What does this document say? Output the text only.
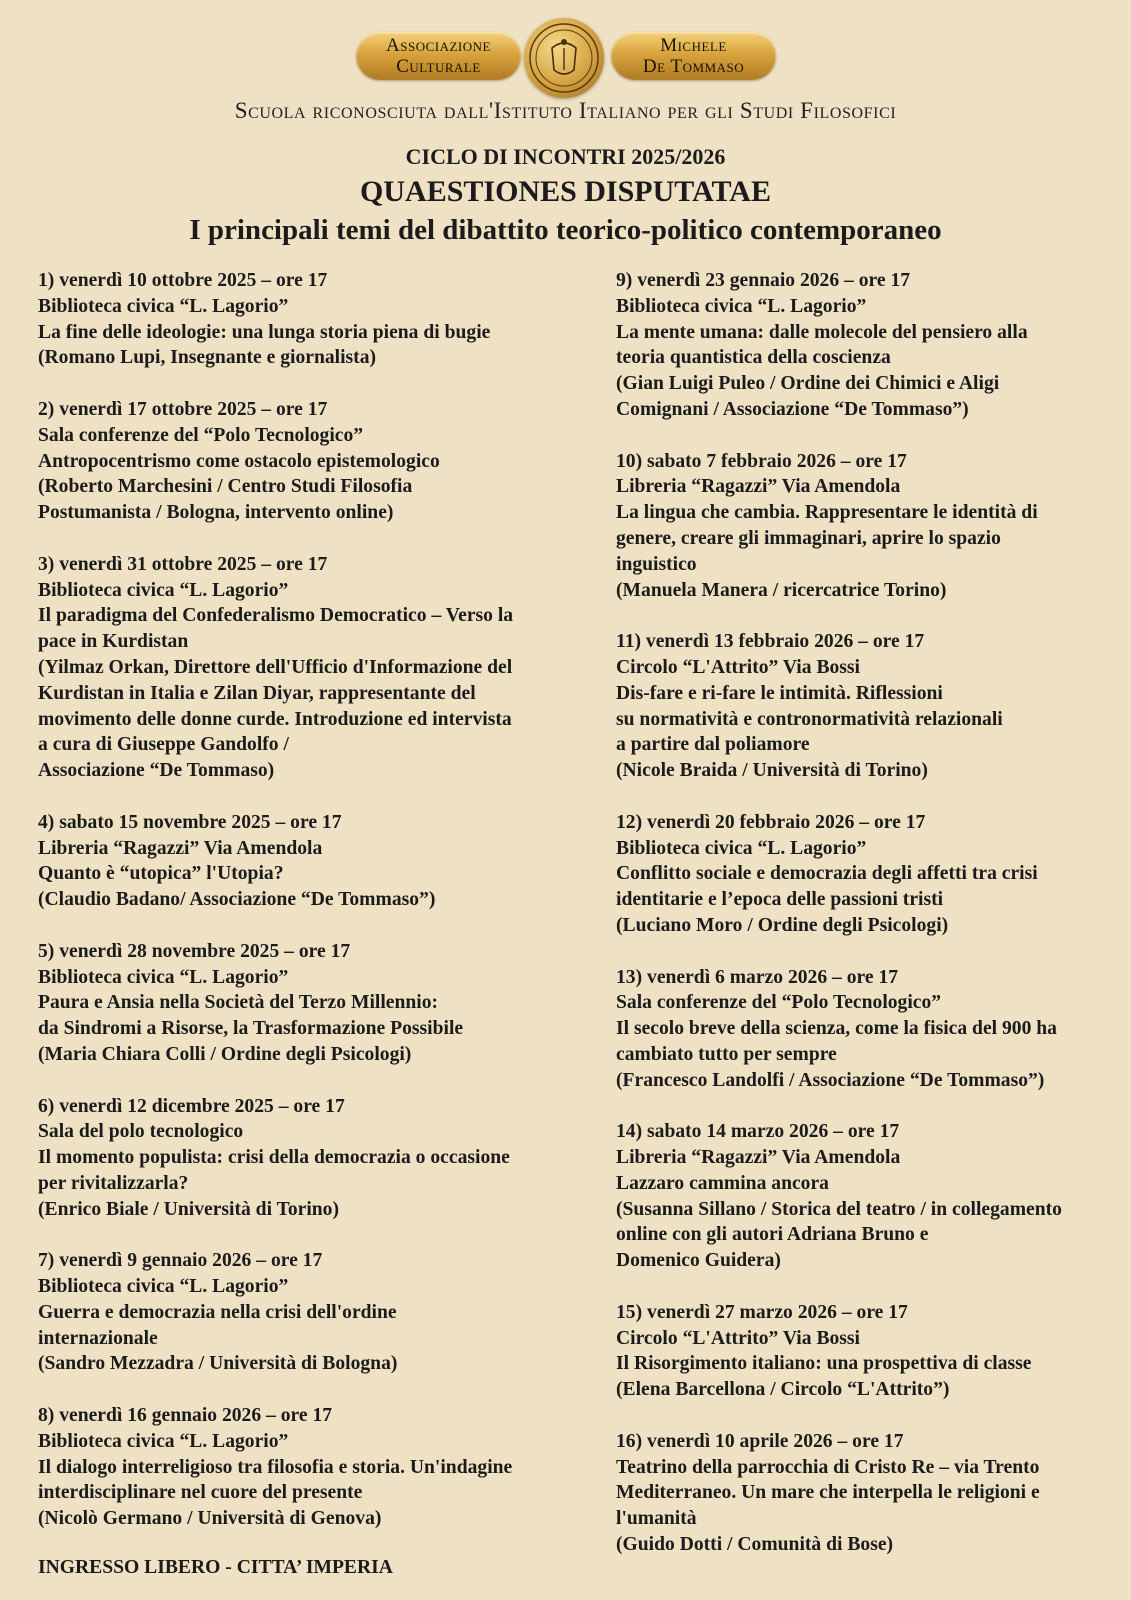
Associazione
Culturale
Michele
De Tommaso
Scuola riconosciuta dall'Istituto Italiano per gli Studi Filosofici
CICLO DI INCONTRI 2025/2026
QUAESTIONES DISPUTATAE
I principali temi del dibattito teorico-politico contemporaneo
1) venerdì 10 ottobre 2025 – ore 17
Biblioteca civica “L. Lagorio”
La fine delle ideologie: una lunga storia piena di bugie
(Romano Lupi, Insegnante e giornalista)
2) venerdì 17 ottobre 2025 – ore 17
Sala conferenze del “Polo Tecnologico”
Antropocentrismo come ostacolo epistemologico
(Roberto Marchesini / Centro Studi Filosofia
Postumanista / Bologna, intervento online)
3) venerdì 31 ottobre 2025 – ore 17
Biblioteca civica “L. Lagorio”
Il paradigma del Confederalismo Democratico – Verso la
pace in Kurdistan
(Yilmaz Orkan, Direttore dell'Ufficio d'Informazione del
Kurdistan in Italia e Zilan Diyar, rappresentante del
movimento delle donne curde. Introduzione ed intervista
a cura di Giuseppe Gandolfo /
Associazione “De Tommaso)
4) sabato 15 novembre 2025 – ore 17
Libreria “Ragazzi” Via Amendola
Quanto è “utopica” l'Utopia?
(Claudio Badano/ Associazione “De Tommaso”)
5) venerdì 28 novembre 2025 – ore 17
Biblioteca civica “L. Lagorio”
Paura e Ansia nella Società del Terzo Millennio:
da Sindromi a Risorse, la Trasformazione Possibile
(Maria Chiara Colli / Ordine degli Psicologi)
6) venerdì 12 dicembre 2025 – ore 17
Sala del polo tecnologico
Il momento populista: crisi della democrazia o occasione
per rivitalizzarla?
(Enrico Biale / Università di Torino)
7) venerdì 9 gennaio 2026 – ore 17
Biblioteca civica “L. Lagorio”
Guerra e democrazia nella crisi dell'ordine
internazionale
(Sandro Mezzadra / Università di Bologna)
8) venerdì 16 gennaio 2026 – ore 17
Biblioteca civica “L. Lagorio”
Il dialogo interreligioso tra filosofia e storia. Un'indagine
interdisciplinare nel cuore del presente
(Nicolò Germano / Università di Genova)
9) venerdì 23 gennaio 2026 – ore 17
Biblioteca civica “L. Lagorio”
La mente umana: dalle molecole del pensiero alla
teoria quantistica della coscienza
(Gian Luigi Puleo / Ordine dei Chimici e Aligi
Comignani / Associazione “De Tommaso”)
10) sabato 7 febbraio 2026 – ore 17
Libreria “Ragazzi” Via Amendola
La lingua che cambia. Rappresentare le identità di
genere, creare gli immaginari, aprire lo spazio
inguistico
(Manuela Manera / ricercatrice Torino)
11) venerdì 13 febbraio 2026 – ore 17
Circolo “L'Attrito” Via Bossi
Dis-fare e ri-fare le intimità. Riflessioni
su normatività e contronormatività relazionali
a partire dal poliamore
(Nicole Braida / Università di Torino)
12) venerdì 20 febbraio 2026 – ore 17
Biblioteca civica “L. Lagorio”
Conflitto sociale e democrazia degli affetti tra crisi
identitarie e l’epoca delle passioni tristi
(Luciano Moro / Ordine degli Psicologi)
13) venerdì 6 marzo 2026 – ore 17
Sala conferenze del “Polo Tecnologico”
Il secolo breve della scienza, come la fisica del 900 ha
cambiato tutto per sempre
(Francesco Landolfi / Associazione “De Tommaso”)
14) sabato 14 marzo 2026 – ore 17
Libreria “Ragazzi” Via Amendola
Lazzaro cammina ancora
(Susanna Sillano / Storica del teatro / in collegamento
online con gli autori Adriana Bruno e
Domenico Guidera)
15) venerdì 27 marzo 2026 – ore 17
Circolo “L'Attrito” Via Bossi
Il Risorgimento italiano: una prospettiva di classe
(Elena Barcellona / Circolo “L'Attrito”)
16) venerdì 10 aprile 2026 – ore 17
Teatrino della parrocchia di Cristo Re – via Trento
Mediterraneo. Un mare che interpella le religioni e
l'umanità
(Guido Dotti / Comunità di Bose)
INGRESSO LIBERO - CITTA’ IMPERIA
